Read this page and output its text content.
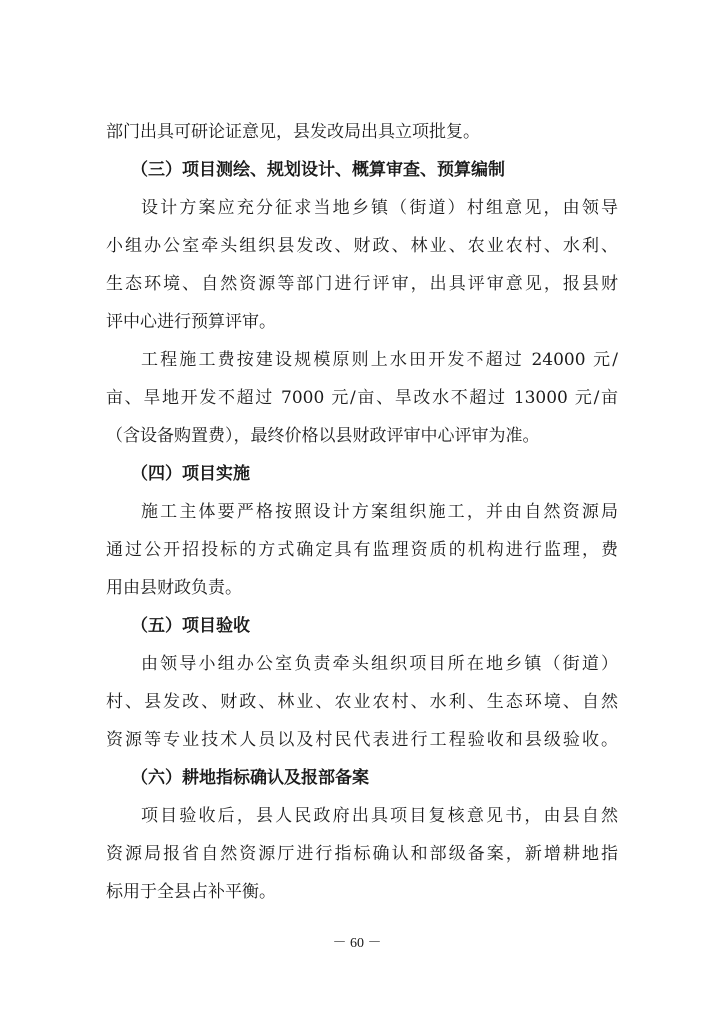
部门出具可研论证意见，县发改局出具立项批复。
（三）项目测绘、规划设计、概算审查、预算编制
设计方案应充分征求当地乡镇（街道）村组意见，由领导
小组办公室牵头组织县发改、财政、林业、农业农村、水利、
生态环境、自然资源等部门进行评审，出具评审意见，报县财
评中心进行预算评审。
工程施工费按建设规模原则上水田开发不超过 24000 元/
亩、旱地开发不超过 7000 元/亩、旱改水不超过 13000 元/亩
（含设备购置费），最终价格以县财政评审中心评审为准。
（四）项目实施
施工主体要严格按照设计方案组织施工，并由自然资源局
通过公开招投标的方式确定具有监理资质的机构进行监理，费
用由县财政负责。
（五）项目验收
由领导小组办公室负责牵头组织项目所在地乡镇（街道）
村、县发改、财政、林业、农业农村、水利、生态环境、自然
资源等专业技术人员以及村民代表进行工程验收和县级验收。
（六）耕地指标确认及报部备案
项目验收后，县人民政府出具项目复核意见书，由县自然
资源局报省自然资源厅进行指标确认和部级备案，新增耕地指
标用于全县占补平衡。
－ 60 －
